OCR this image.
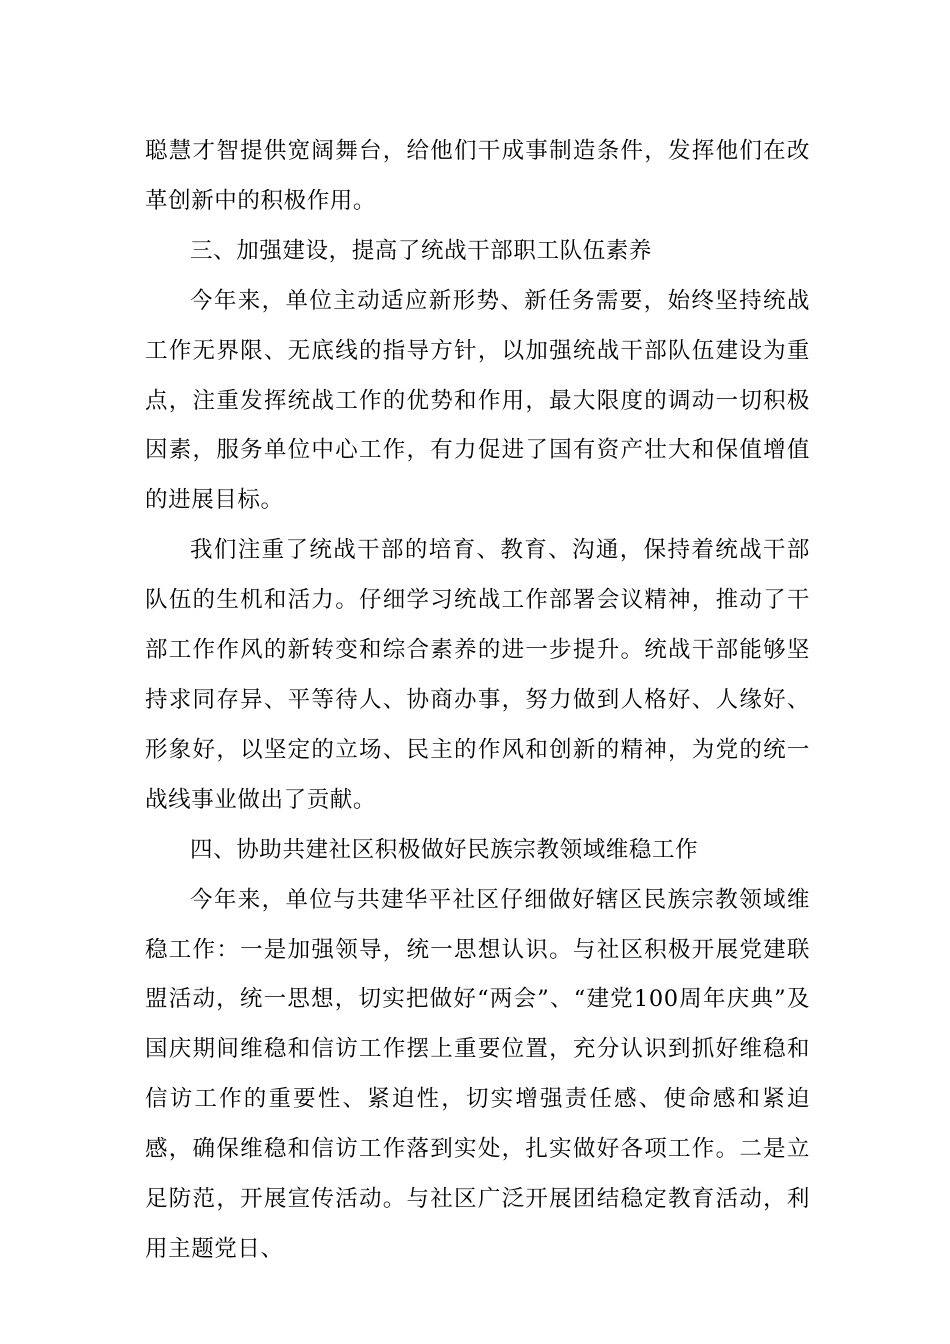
聪慧才智提供宽阔舞台，给他们干成事制造条件，发挥他们在改革创新中的积极作用。

三、加强建设，提高了统战干部职工队伍素养

今年来，单位主动适应新形势、新任务需要，始终坚持统战工作无界限、无底线的指导方针，以加强统战干部队伍建设为重点，注重发挥统战工作的优势和作用，最大限度的调动一切积极因素，服务单位中心工作，有力促进了国有资产壮大和保值增值的进展目标。

我们注重了统战干部的培育、教育、沟通，保持着统战干部队伍的生机和活力。仔细学习统战工作部署会议精神，推动了干部工作作风的新转变和综合素养的进一步提升。统战干部能够坚持求同存异、平等待人、协商办事，努力做到人格好、人缘好、形象好，以坚定的立场、民主的作风和创新的精神，为党的统一战线事业做出了贡献。

四、协助共建社区积极做好民族宗教领域维稳工作

今年来，单位与共建华平社区仔细做好辖区民族宗教领域维稳工作：一是加强领导，统一思想认识。与社区积极开展党建联盟活动，统一思想，切实把做好“两会”、“建党100周年庆典”及国庆期间维稳和信访工作摆上重要位置，充分认识到抓好维稳和信访工作的重要性、紧迫性，切实增强责任感、使命感和紧迫感，确保维稳和信访工作落到实处，扎实做好各项工作。二是立足防范，开展宣传活动。与社区广泛开展团结稳定教育活动，利用主题党日、
